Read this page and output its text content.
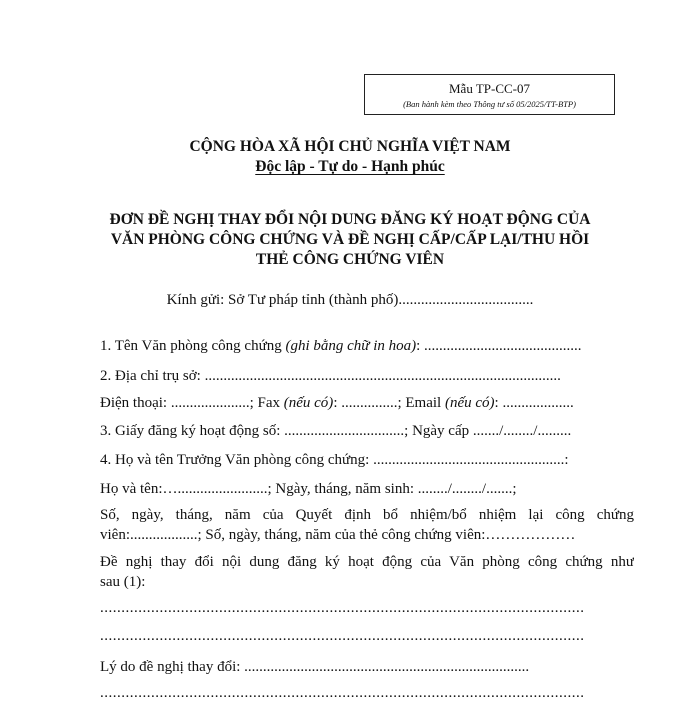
Mẫu TP-CC-07
(Ban hành kèm theo Thông tư số 05/2025/TT-BTP)
CỘNG HÒA XÃ HỘI CHỦ NGHĨA VIỆT NAM
Độc lập - Tự do - Hạnh phúc
ĐƠN ĐỀ NGHỊ THAY ĐỔI NỘI DUNG ĐĂNG KÝ HOẠT ĐỘNG CỦA
VĂN PHÒNG CÔNG CHỨNG VÀ ĐỀ NGHỊ CẤP/CẤP LẠI/THU HỒI
THẺ CÔNG CHỨNG VIÊN
Kính gửi: Sở Tư pháp tỉnh (thành phố)....................................
1. Tên Văn phòng công chứng (ghi bằng chữ in hoa): ..........................................
2. Địa chỉ trụ sở: ...............................................................................................
Điện thoại: .....................; Fax (nếu có): ...............; Email (nếu có): ...................
3. Giấy đăng ký hoạt động số: ................................; Ngày cấp ......./......../.........
4. Họ và tên Trưởng Văn phòng công chứng: ...................................................:
Họ và tên:…........................; Ngày, tháng, năm sinh: ......../......../.......;
Số, ngày, tháng, năm của Quyết định bổ nhiệm/bổ nhiệm lại công chứng
viên:..................; Số, ngày, tháng, năm của thẻ công chứng viên:………………
Đề nghị thay đổi nội dung đăng ký hoạt động của Văn phòng công chứng như
sau (1):
..................................................................................................................
..................................................................................................................
Lý do đề nghị thay đổi: ............................................................................
..................................................................................................................
